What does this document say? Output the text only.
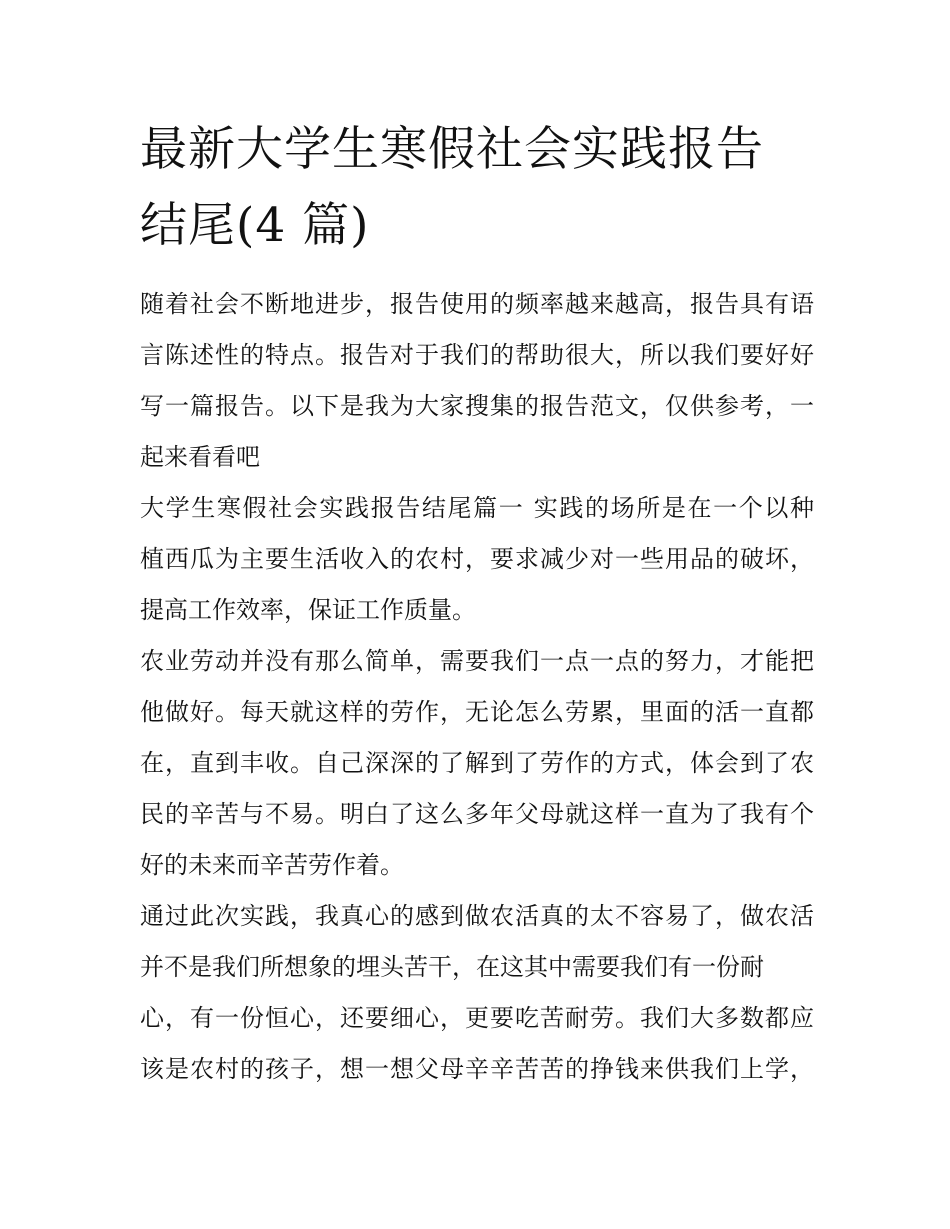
最新大学生寒假社会实践报告
结尾(4 篇)

随着社会不断地进步，报告使用的频率越来越高，报告具有语
言陈述性的特点。报告对于我们的帮助很大，所以我们要好好
写一篇报告。以下是我为大家搜集的报告范文，仅供参考，一
起来看看吧

大学生寒假社会实践报告结尾篇一 实践的场所是在一个以种
植西瓜为主要生活收入的农村，要求减少对一些用品的破坏，
提高工作效率，保证工作质量。

农业劳动并没有那么简单，需要我们一点一点的努力，才能把
他做好。每天就这样的劳作，无论怎么劳累，里面的活一直都
在，直到丰收。自己深深的了解到了劳作的方式，体会到了农
民的辛苦与不易。明白了这么多年父母就这样一直为了我有个
好的未来而辛苦劳作着。

通过此次实践，我真心的感到做农活真的太不容易了，做农活
并不是我们所想象的埋头苦干，在这其中需要我们有一份耐
心，有一份恒心，还要细心，更要吃苦耐劳。我们大多数都应
该是农村的孩子，想一想父母辛辛苦苦的挣钱来供我们上学，
